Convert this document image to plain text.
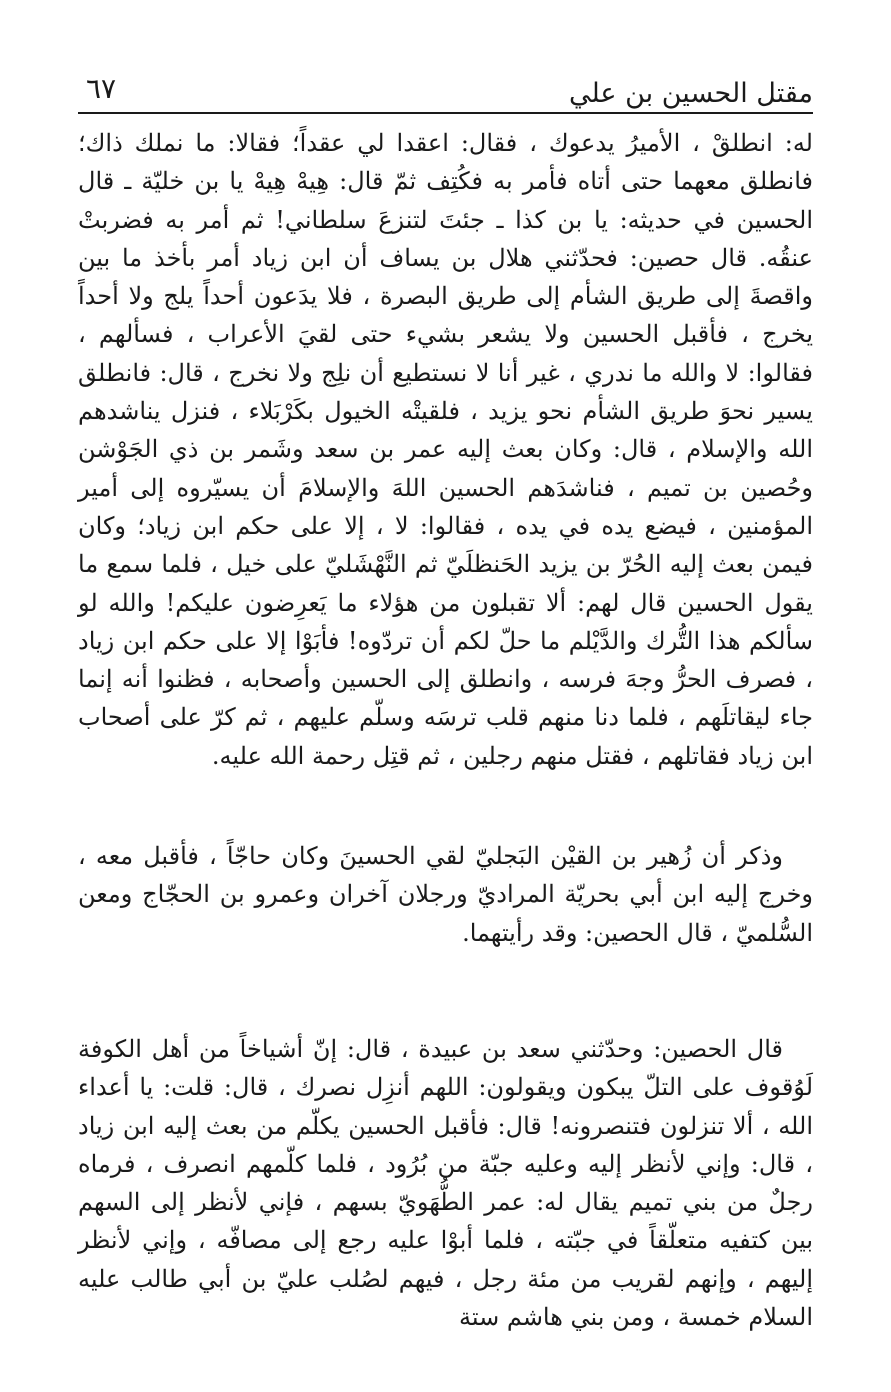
٦٧	مقتل الحسين بن علي

له: انطلقْ ، الأميرُ يدعوك ، فقال: اعقدا لي عقداً؛ فقالا: ما نملك ذاك؛ فانطلق معهما حتى أتاه فأمر به فكُتِف ثمّ قال: هِيهْ هِيهْ يا بن خليّة ـ قال الحسين في حديثه: يا بن كذا ـ جئتَ لتنزعَ سلطاني! ثم أمر به فضربتْ عنقُه. قال حصين: فحدّثني هلال بن يساف أن ابن زياد أمر بأخذ ما بين واقصةَ إلى طريق الشأم إلى طريق البصرة ، فلا يدَعون أحداً يلج ولا أحداً يخرج ، فأقبل الحسين ولا يشعر بشيء حتى لقيَ الأعراب ، فسألهم ، فقالوا: لا والله ما ندري ، غير أنا لا نستطيع أن نلِج ولا نخرج ، قال: فانطلق يسير نحوَ طريق الشأم نحو يزيد ، فلقيتْه الخيول بكَرْبَلاء ، فنزل يناشدهم الله والإسلام ، قال: وكان بعث إليه عمر بن سعد وشَمر بن ذي الجَوْشن وحُصين بن تميم ، فناشدَهم الحسين اللهَ والإسلامَ أن يسيّروه إلى أمير المؤمنين ، فيضع يده في يده ، فقالوا: لا ، إلا على حكم ابن زياد؛ وكان فيمن بعث إليه الحُرّ بن يزيد الحَنظلَيّ ثم النَّهْشَليّ على خيل ، فلما سمع ما يقول الحسين قال لهم: ألا تقبلون من هؤلاء ما يَعرِضون عليكم! والله لو سألكم هذا التُّرك والدَّيْلم ما حلّ لكم أن تردّوه! فأبَوْا إلا على حكم ابن زياد ، فصرف الحرُّ وجهَ فرسه ، وانطلق إلى الحسين وأصحابه ، فظنوا أنه إنما جاء ليقاتلَهم ، فلما دنا منهم قلب ترسَه وسلّم عليهم ، ثم كرّ على أصحاب ابن زياد فقاتلهم ، فقتل منهم رجلين ، ثم قتِل رحمة الله عليه.

وذكر أن زُهير بن القيْن البَجليّ لقي الحسينَ وكان حاجّاً ، فأقبل معه ، وخرج إليه ابن أبي بحريّة المراديّ ورجلان آخران وعمرو بن الحجّاج ومعن السُّلميّ ، قال الحصين: وقد رأيتهما.

قال الحصين: وحدّثني سعد بن عبيدة ، قال: إنّ أشياخاً من أهل الكوفة لَوُقوف على التلّ يبكون ويقولون: اللهم أنزِل نصرك ، قال: قلت: يا أعداء الله ، ألا تنزلون فتنصرونه! قال: فأقبل الحسين يكلّم من بعث إليه ابن زياد ، قال: وإني لأنظر إليه وعليه جبّة من بُرُود ، فلما كلّمهم انصرف ، فرماه رجلٌ من بني تميم يقال له: عمر الطُّهَويّ بسهم ، فإني لأنظر إلى السهم بين كتفيه متعلّقاً في جبّته ، فلما أبوْا عليه رجع إلى مصافّه ، وإني لأنظر إليهم ، وإنهم لقريب من مئة رجل ، فيهم لصُلب عليّ بن أبي طالب عليه السلام خمسة ، ومن بني هاشم ستة
